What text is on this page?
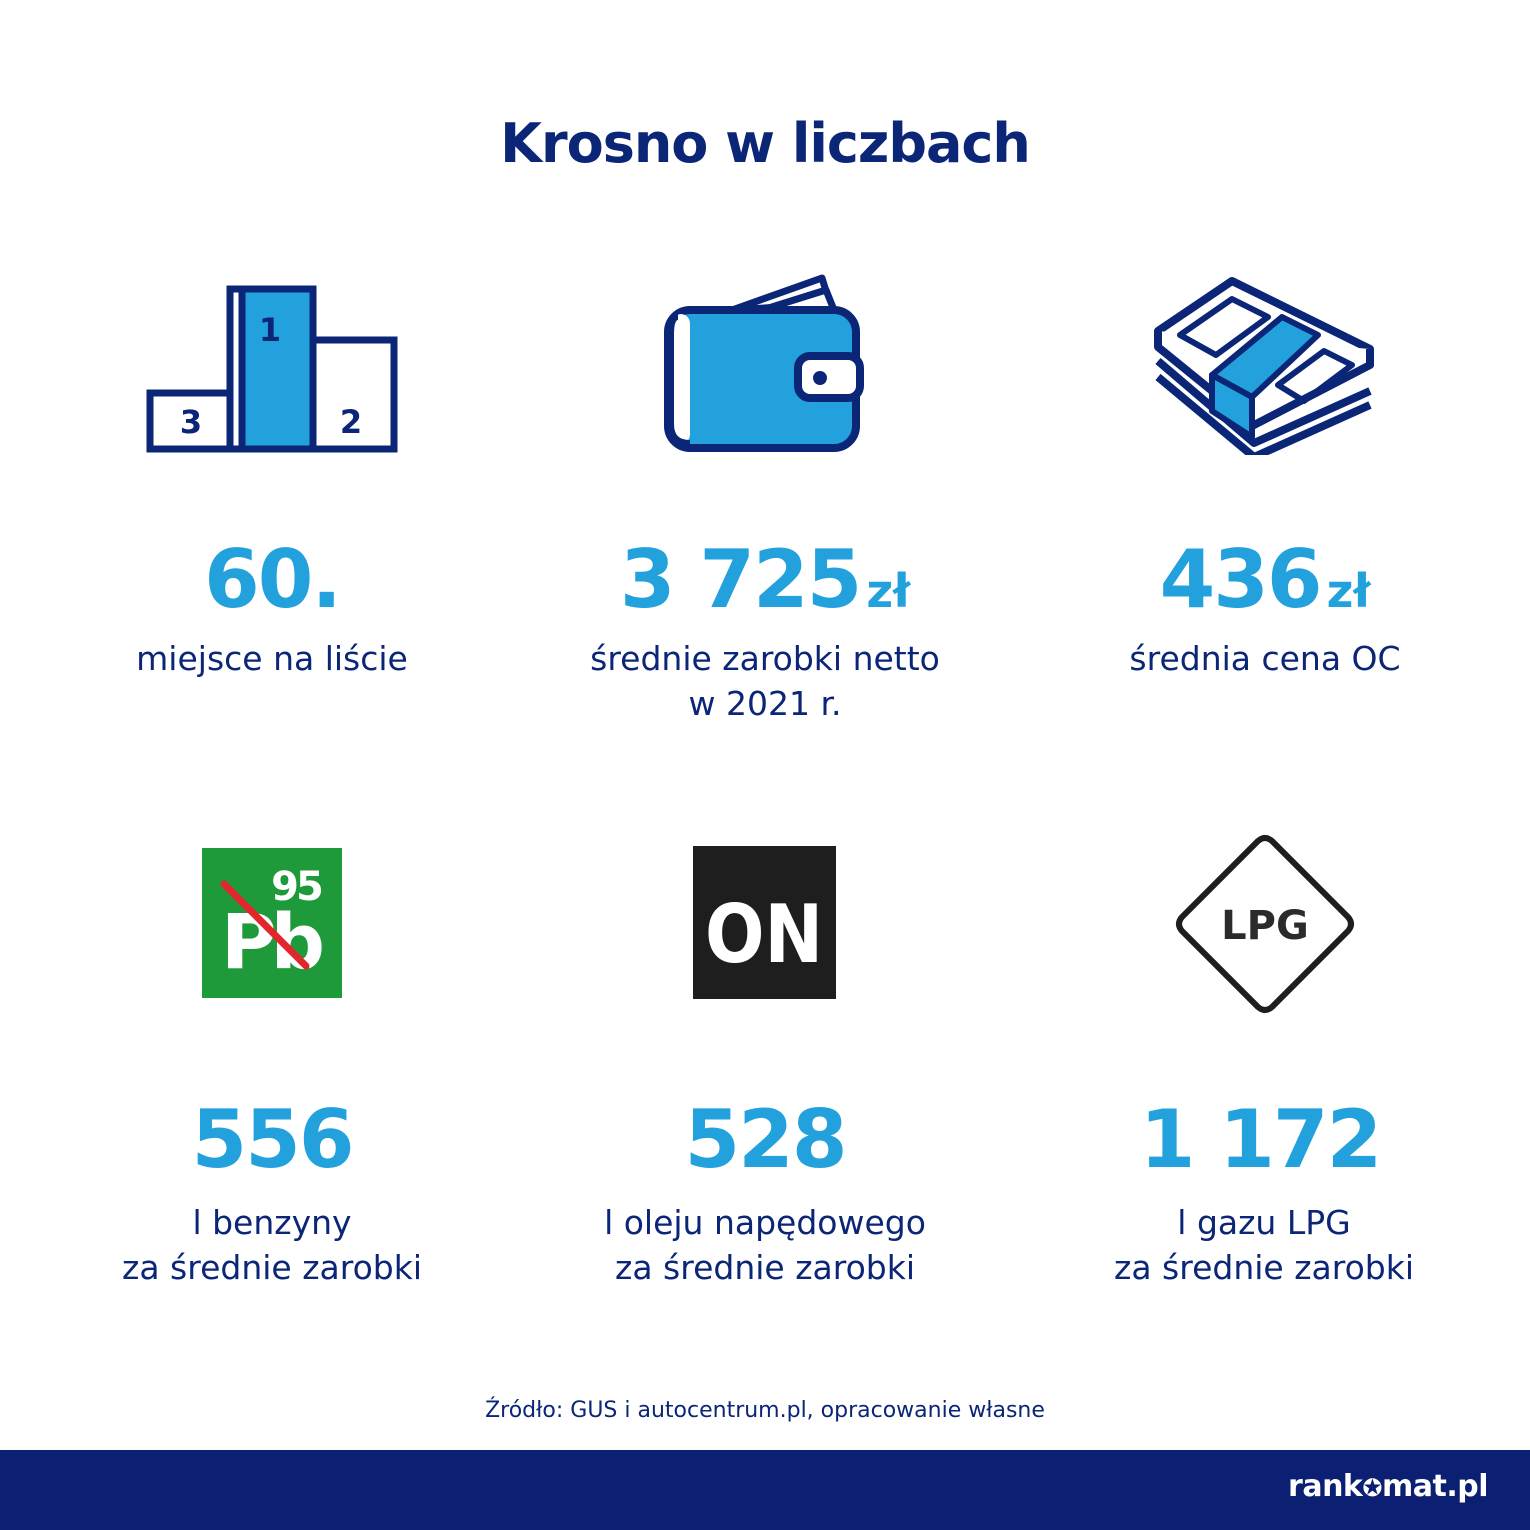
Krosno w liczbach
1
2
3
95
Pb	ON	LPG
60.
miejsce na liście
3 725 zł
średnie zarobki netto
w 2021 r.
436 zł
średnia cena OC
556
l benzyny
za średnie zarobki
528
l oleju napędowego
za średnie zarobki
1 172
l gazu LPG
za średnie zarobki
Źródło: GUS i autocentrum.pl, opracowanie własne
rank✪mat.pl
